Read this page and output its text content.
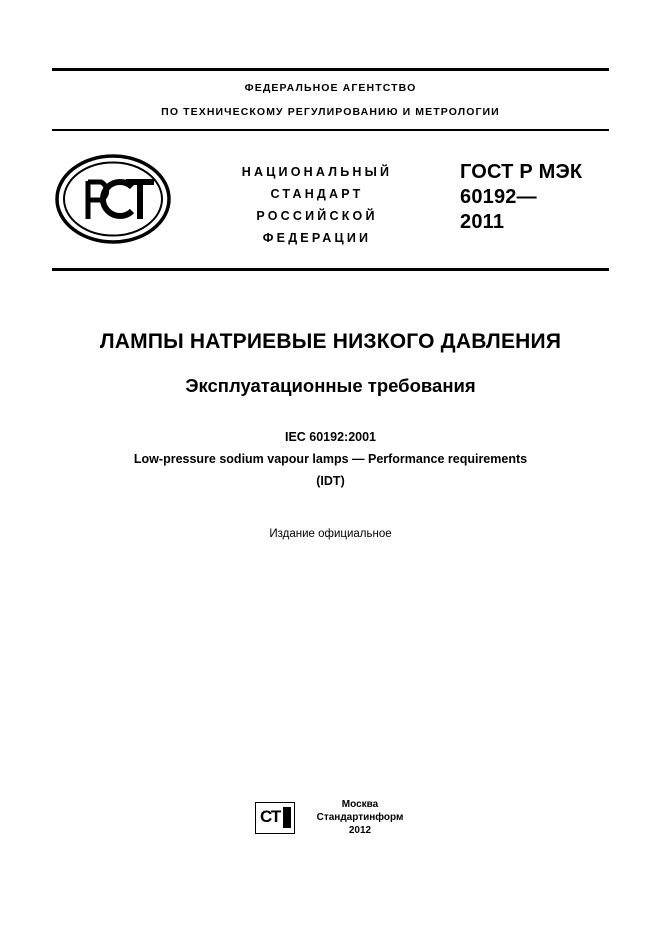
ФЕДЕРАЛЬНОЕ АГЕНТСТВО
ПО ТЕХНИЧЕСКОМУ РЕГУЛИРОВАНИЮ И МЕТРОЛОГИИ
НАЦИОНАЛЬНЫЙ
СТАНДАРТ
РОССИЙСКОЙ
ФЕДЕРАЦИИ
ГОСТ Р МЭК
60192—
2011
ЛАМПЫ НАТРИЕВЫЕ НИЗКОГО ДАВЛЕНИЯ
Эксплуатационные требования
IEC 60192:2001
Low-pressure sodium vapour lamps — Performance requirements
(IDT)
Издание официальное
СТ
Москва
Стандартинформ
2012
